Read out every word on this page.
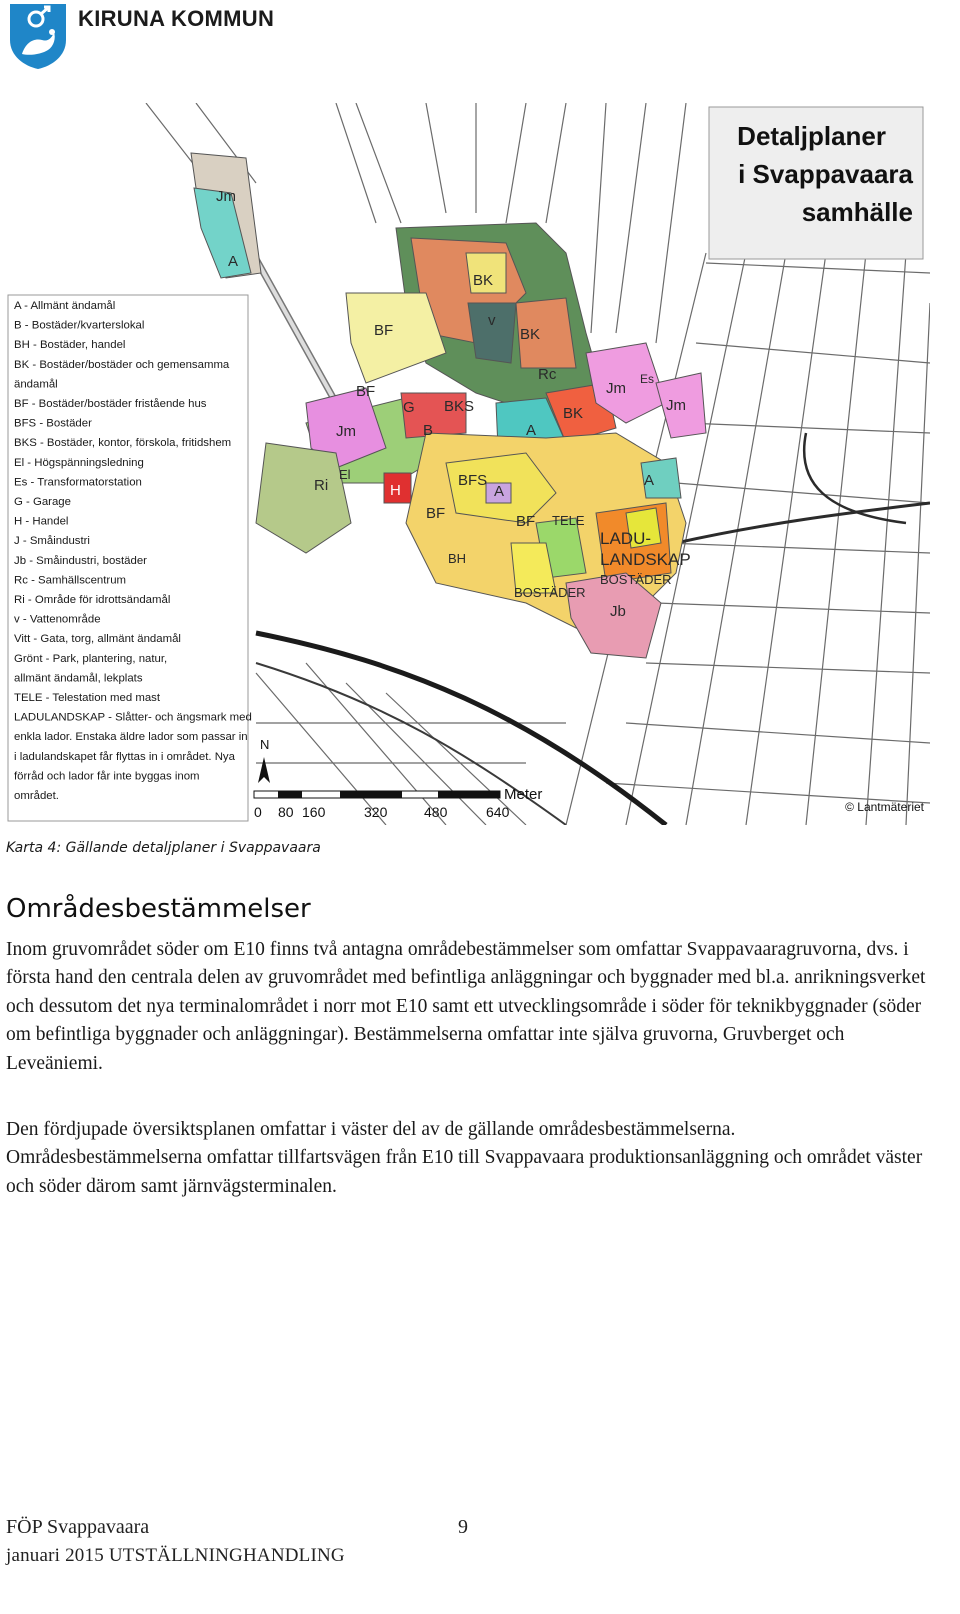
KIRUNA KOMMUN
Jm
A
BK
v
BK
BF
Rc
Jm
Es
Jm
BF
G BKS	BK
Jm	B	A
El
Ri	H
BFS
A
A
BF	BF TELE
LADU-
LANDSKAP
BOSTÄDER
BH
BOSTÄDER
Jb
Detaljplaner
i Svappavaara
samhälle
A - Allmänt ändamål
B - Bostäder/kvarterslokal
BH - Bostäder, handel
BK - Bostäder/bostäder och gemensamma
ändamål
BF - Bostäder/bostäder fristående hus
BFS - Bostäder
BKS - Bostäder, kontor, förskola, fritidshem
El - Högspänningsledning
Es - Transformatorstation
G - Garage
H - Handel
J - Småindustri
Jb - Småindustri, bostäder
Rc - Samhällscentrum
Ri - Område för idrottsändamål
v - Vattenområde
Vitt - Gata, torg, allmänt ändamål
Grönt - Park, plantering, natur,
allmänt ändamål, lekplats
TELE - Telestation med mast
LADULANDSKAP - Slåtter- och ängsmark med
enkla lador. Enstaka äldre lador som passar in
i ladulandskapet får flyttas in i området. Nya
förråd och lador får inte byggas inom
området.
N
Meter
0 80 160	320	480	640	© Lantmäteriet
Karta 4: Gällande detaljplaner i Svappavaara
Områdesbestämmelser

Inom gruvområdet söder om E10 finns två antagna områdebestämmelser som omfattar Svappavaaragruvorna, dvs. i första hand den centrala delen av gruvområdet med befintliga anläggningar och byggnader med bl.a. anrikningsverket och dessutom det nya terminalområdet i norr mot E10 samt ett utvecklingsområde i söder för teknikbyggnader (söder om befintliga byggnader och anläggningar). Bestämmelserna omfattar inte själva gruvorna, Gruvberget och Leveäniemi.

Den fördjupade översiktsplanen omfattar i väster del av de gällande områdesbestämmelserna. Områdesbestämmelserna omfattar tillfartsvägen från E10 till Svappavaara produktionsanläggning och området väster och söder därom samt järnvägsterminalen.

FÖP Svappavaara	9
januari 2015 UTSTÄLLNINGHANDLING
